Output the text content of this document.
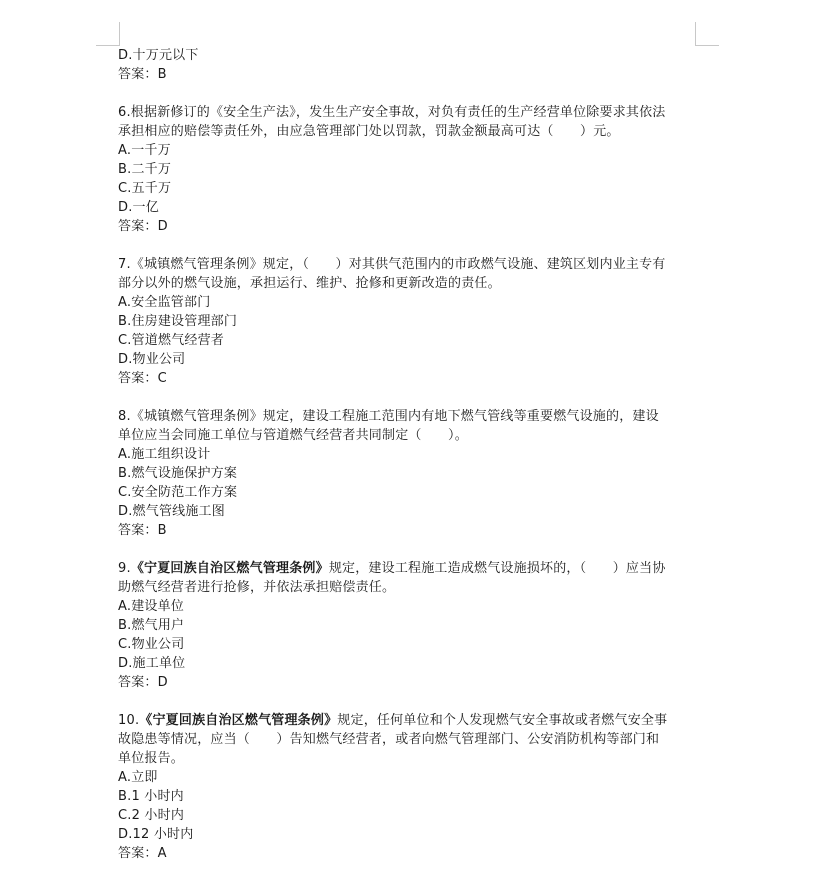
D.十万元以下
答案：B
6.根据新修订的《安全生产法》，发生生产安全事故，对负有责任的生产经营单位除要求其依法
承担相应的赔偿等责任外，由应急管理部门处以罚款，罚款金额最高可达（　　）元。
A.一千万
B.二千万
C.五千万
D.一亿
答案：D
7.《城镇燃气管理条例》规定，（　　）对其供气范围内的市政燃气设施、建筑区划内业主专有
部分以外的燃气设施，承担运行、维护、抢修和更新改造的责任。
A.安全监管部门
B.住房建设管理部门
C.管道燃气经营者
D.物业公司
答案：C
8.《城镇燃气管理条例》规定，建设工程施工范围内有地下燃气管线等重要燃气设施的，建设
单位应当会同施工单位与管道燃气经营者共同制定（　　）。
A.施工组织设计
B.燃气设施保护方案
C.安全防范工作方案
D.燃气管线施工图
答案：B
9.《宁夏回族自治区燃气管理条例》规定，建设工程施工造成燃气设施损坏的，（　　）应当协
助燃气经营者进行抢修，并依法承担赔偿责任。
A.建设单位
B.燃气用户
C.物业公司
D.施工单位
答案：D
10.《宁夏回族自治区燃气管理条例》规定，任何单位和个人发现燃气安全事故或者燃气安全事
故隐患等情况，应当（　　）告知燃气经营者，或者向燃气管理部门、公安消防机构等部门和
单位报告。
A.立即
B.1 小时内
C.2 小时内
D.12 小时内
答案：A
